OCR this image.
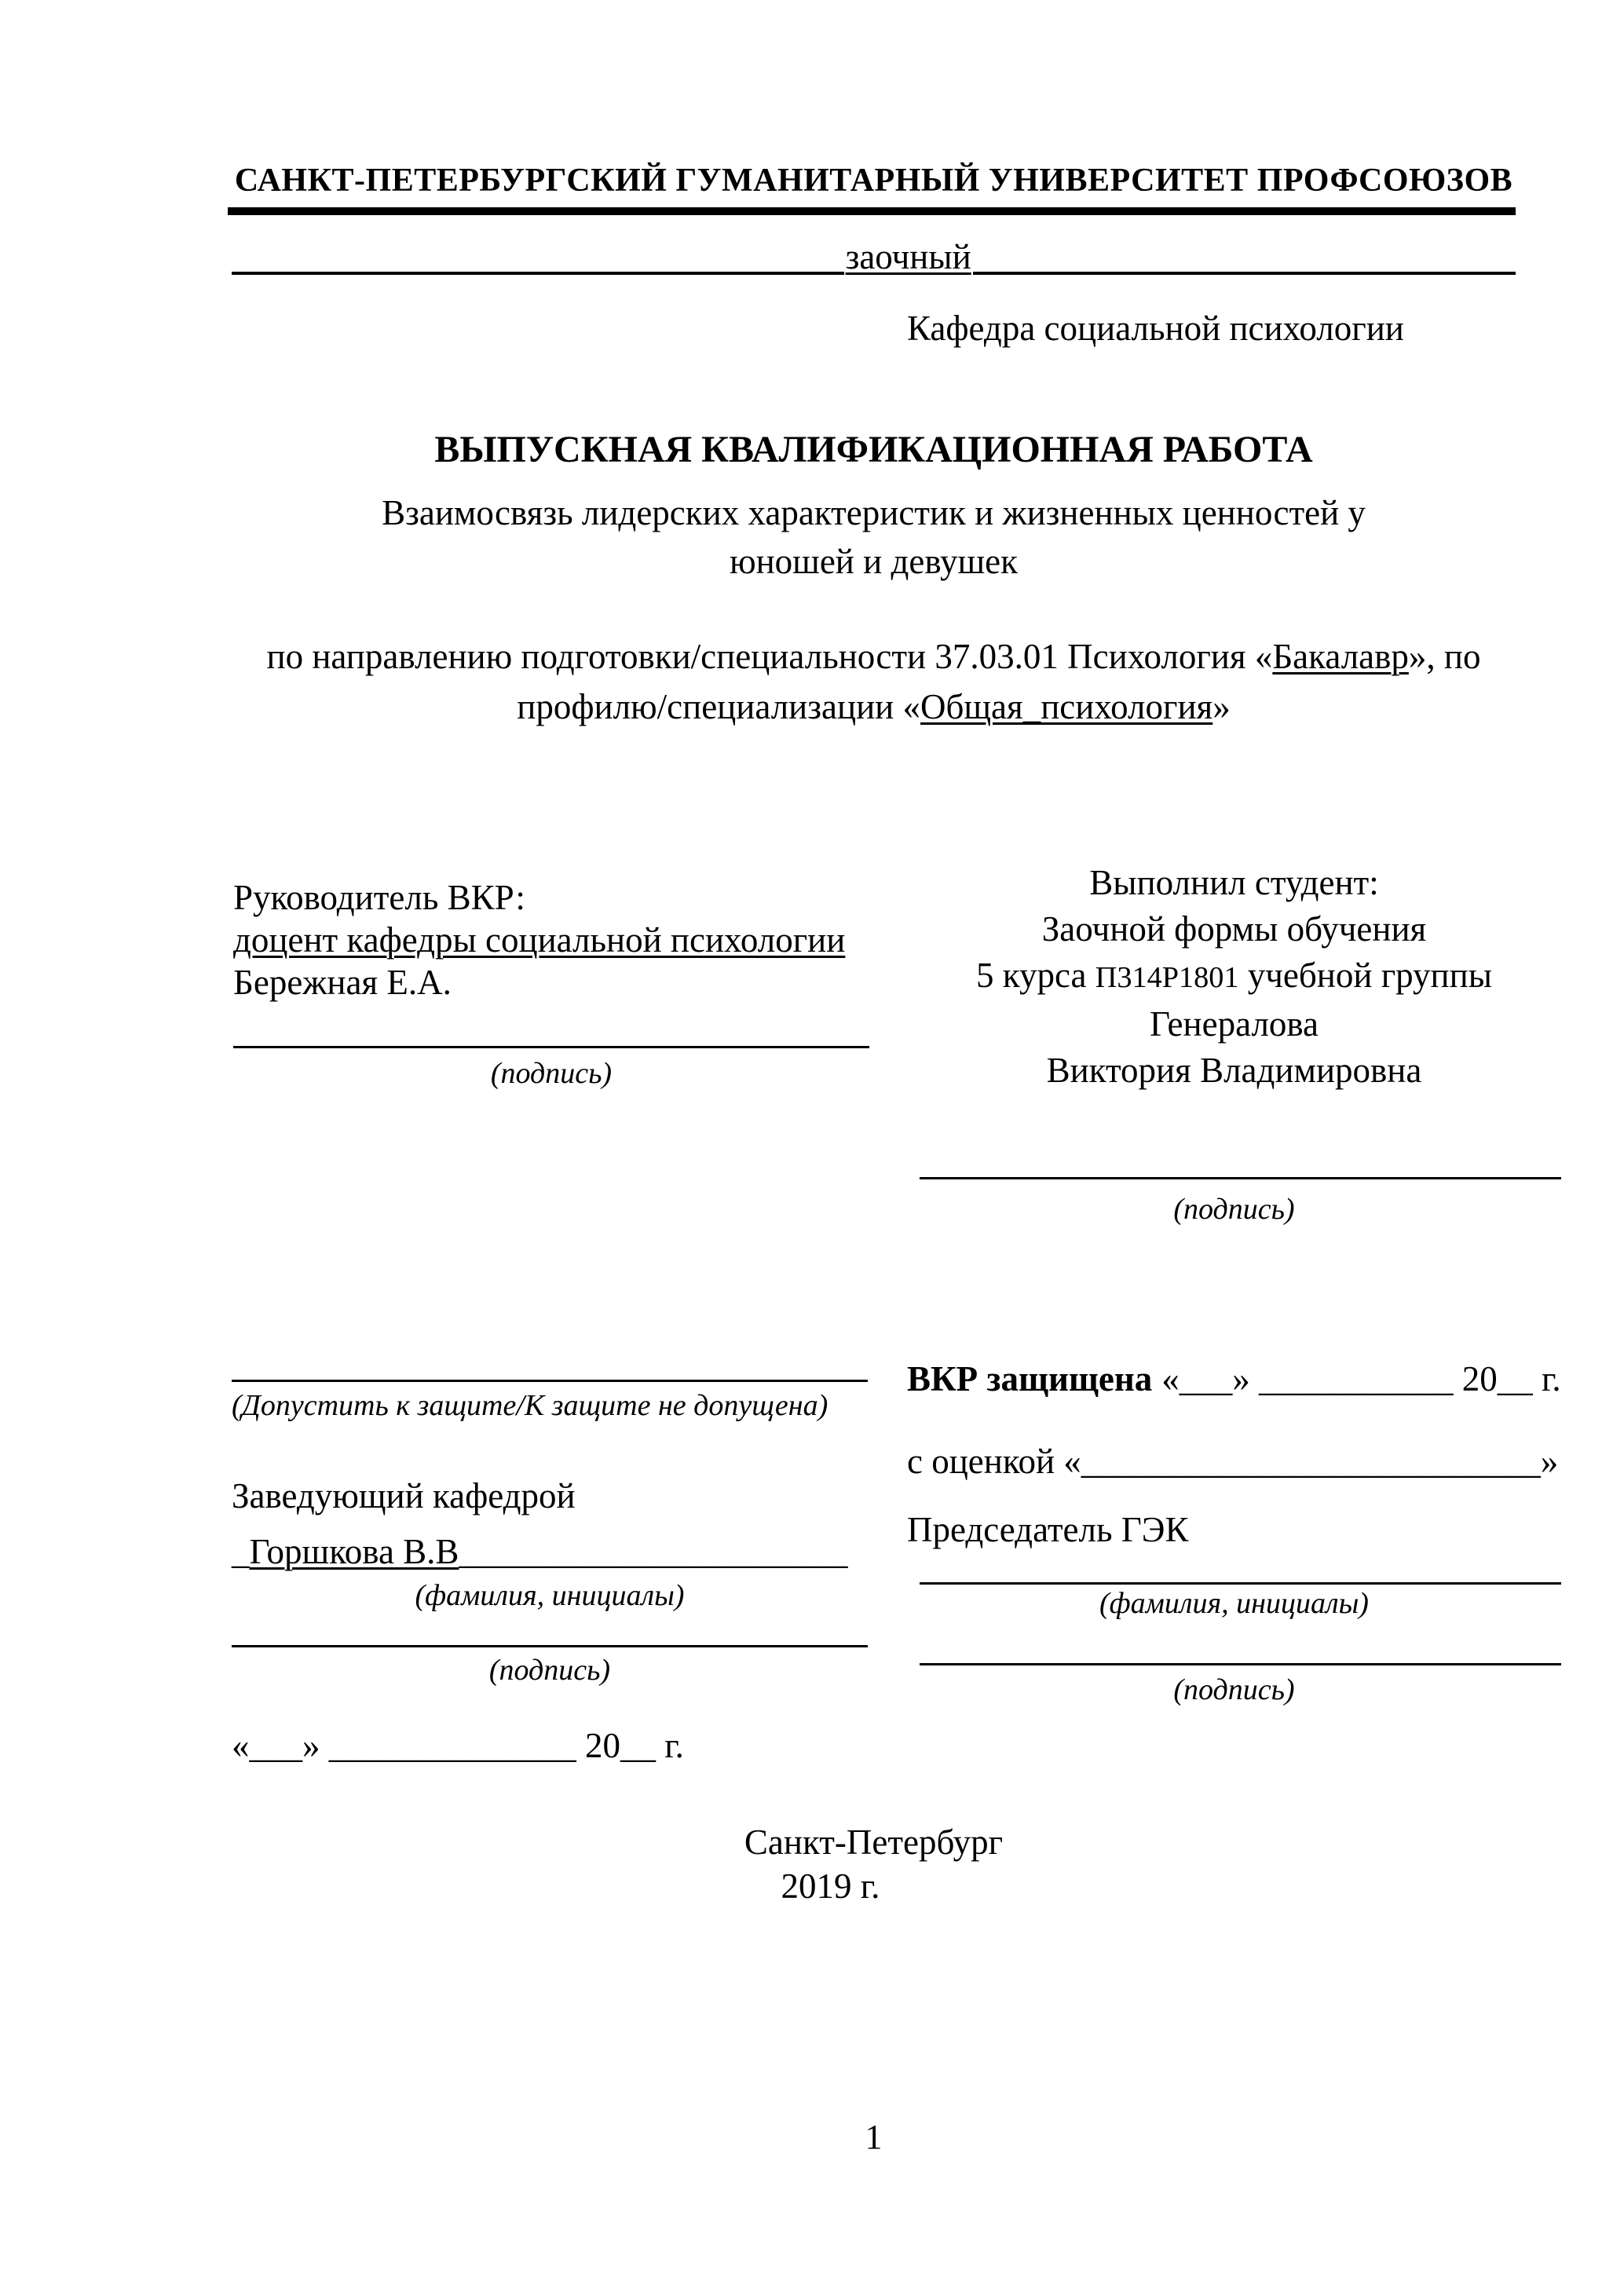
САНКТ-ПЕТЕРБУРГСКИЙ ГУМАНИТАРНЫЙ УНИВЕРСИТЕТ ПРОФСОЮЗОВ
заочный
Кафедра социальной психологии
ВЫПУСКНАЯ КВАЛИФИКАЦИОННАЯ РАБОТА
Взаимосвязь лидерских характеристик и жизненных ценностей у
юношей и девушек
по направлению подготовки/специальности 37.03.01 Психология «Бакалавр», по
профилю/специализации «Общая_психология»
Руководитель ВКР:
доцент кафедры социальной психологии
Бережная Е.А.
(подпись)
Выполнил студент:
Заочной формы обучения
5 курса П314Р1801 учебной группы
Генералова
Виктория Владимировна
(подпись)
(Допустить к защите/К защите не допущена)
Заведующий кафедрой
_Горшкова В.В______________________
(фамилия, инициалы)
(подпись)
«___» ______________ 20__ г.
ВКР защищена «___» ___________ 20__ г.
с оценкой «__________________________»
Председатель ГЭК
(фамилия, инициалы)
(подпись)
Санкт-Петербург
2019 г.
1
